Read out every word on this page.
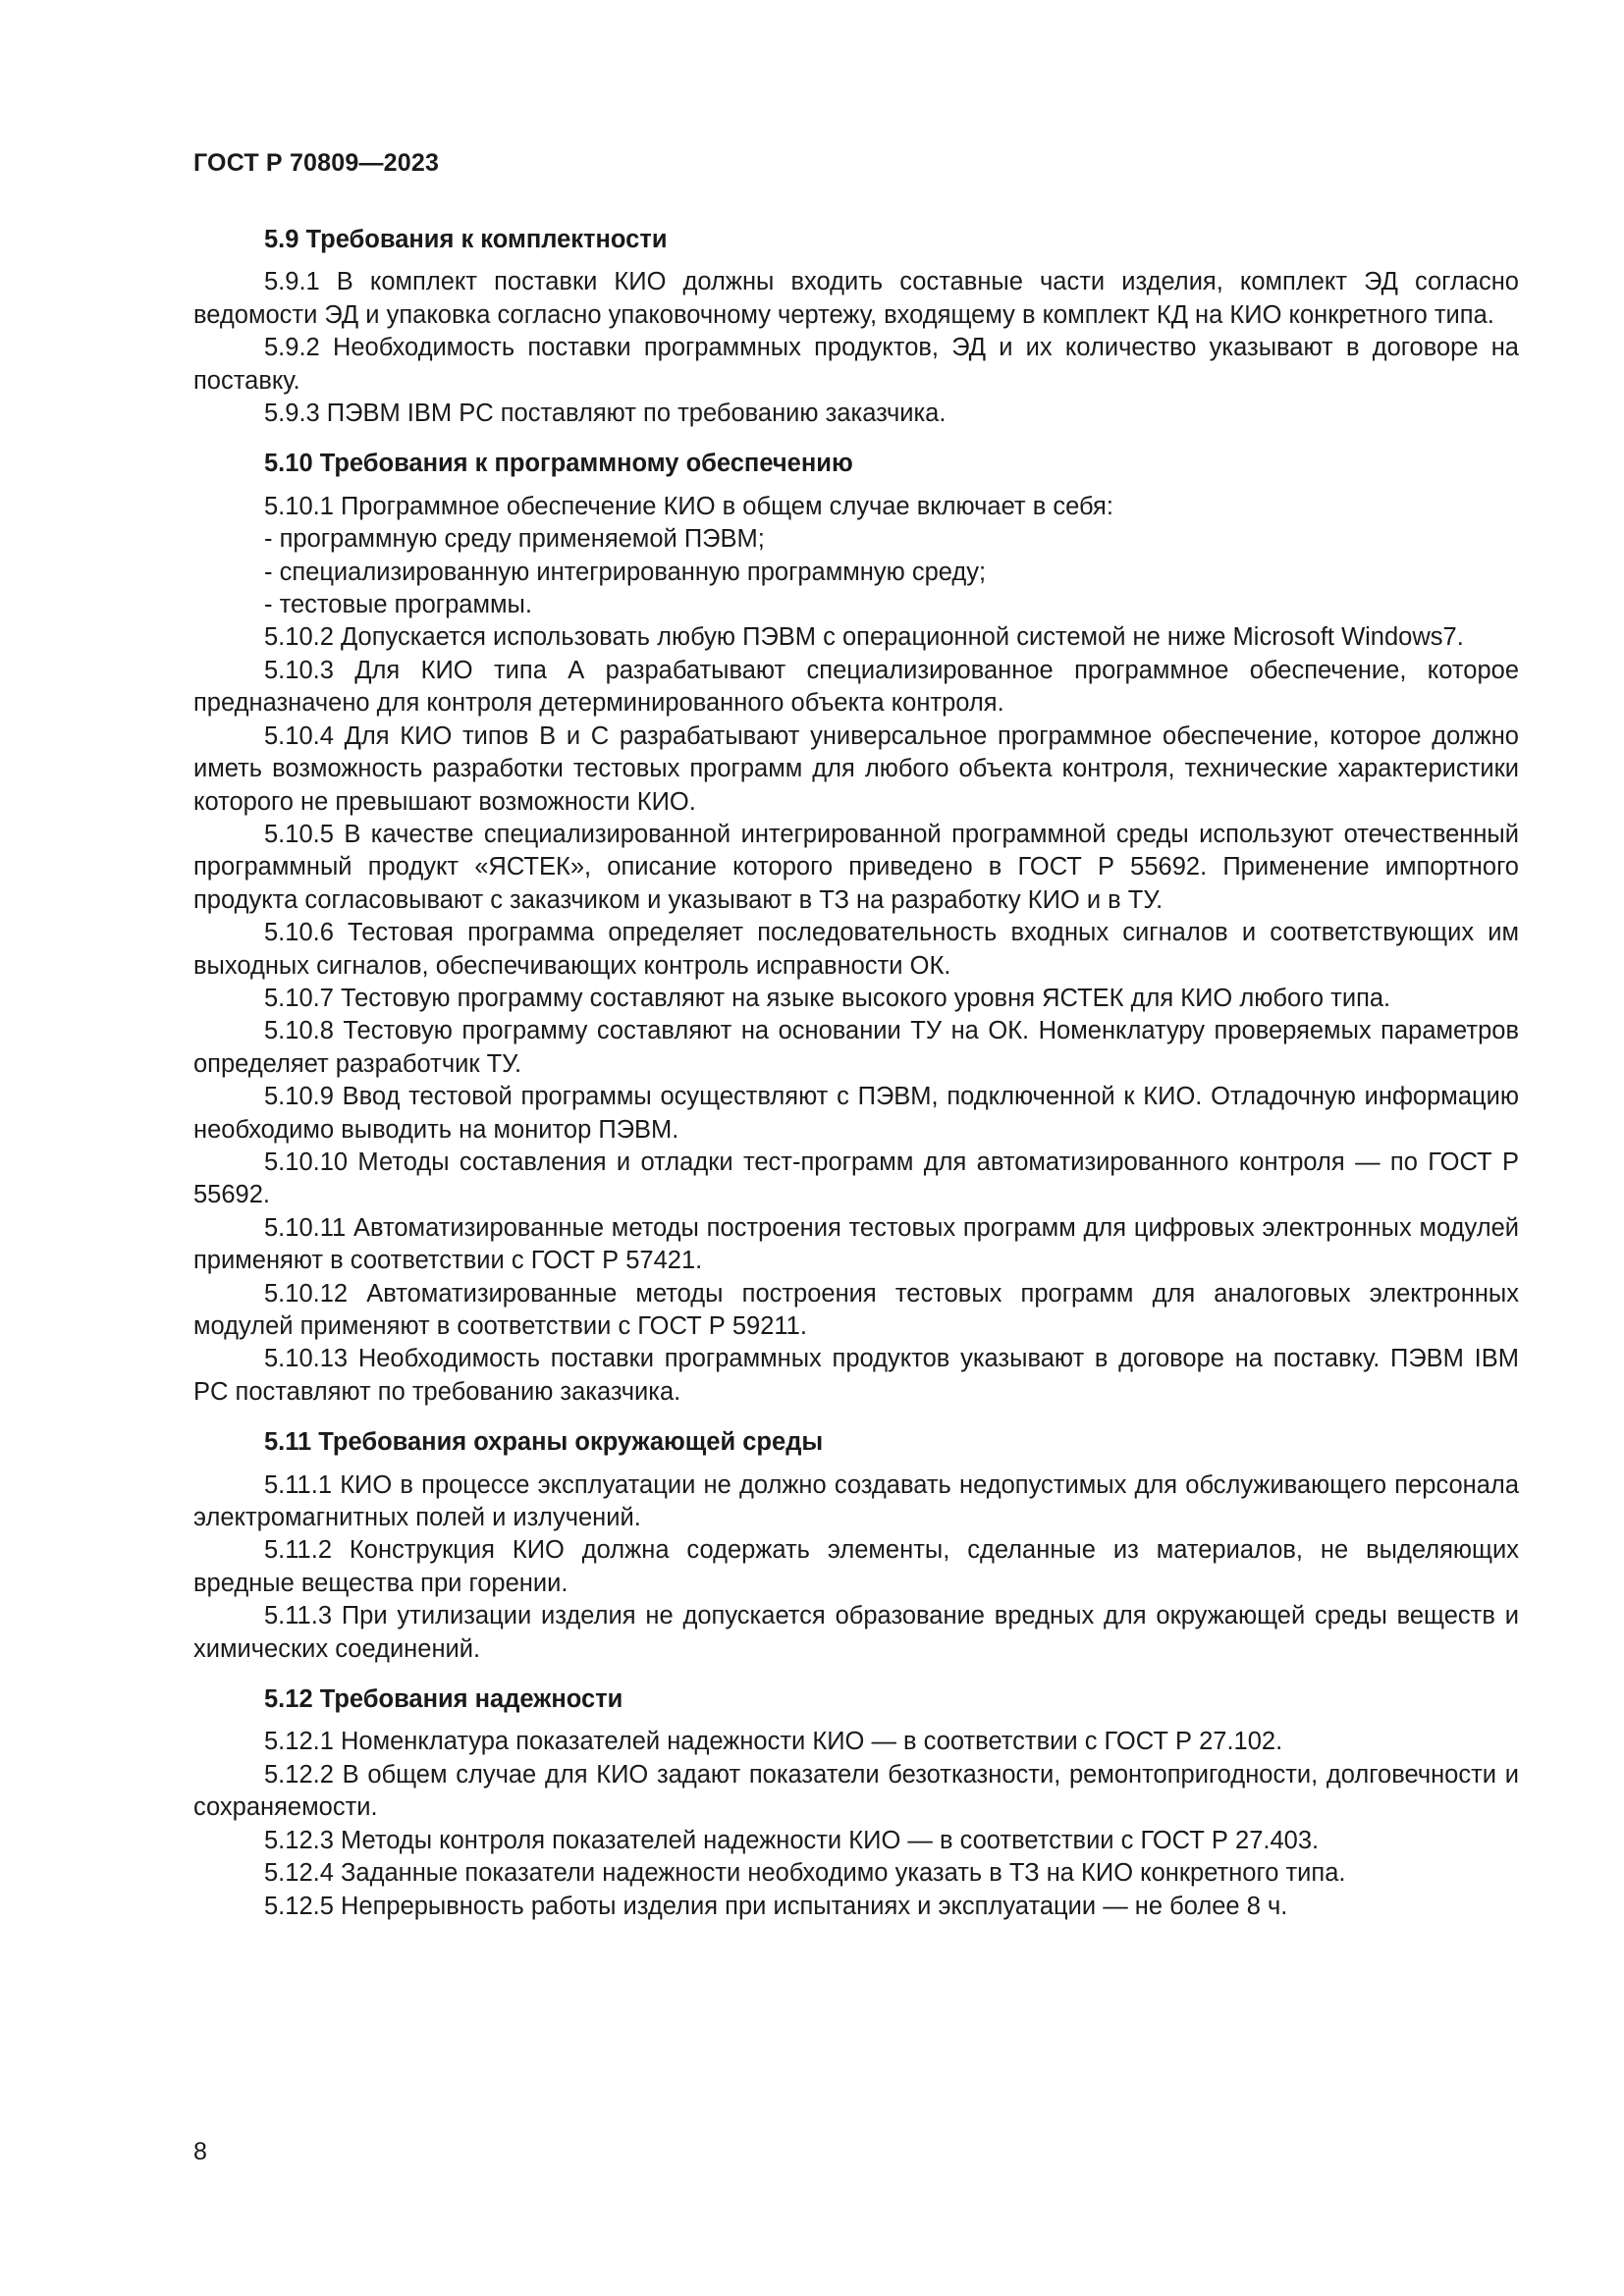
ГОСТ Р 70809—2023
5.9 Требования к комплектности

5.9.1 В комплект поставки КИО должны входить составные части изделия, комплект ЭД согласно ведомости ЭД и упаковка согласно упаковочному чертежу, входящему в комплект КД на КИО конкретного типа.

5.9.2 Необходимость поставки программных продуктов, ЭД и их количество указывают в договоре на поставку.

5.9.3 ПЭВМ IBM PC поставляют по требованию заказчика.

5.10 Требования к программному обеспечению

5.10.1 Программное обеспечение КИО в общем случае включает в себя:

- программную среду применяемой ПЭВМ;

- специализированную интегрированную программную среду;

- тестовые программы.

5.10.2 Допускается использовать любую ПЭВМ с операционной системой не ниже Microsoft Windows7.

5.10.3 Для КИО типа А разрабатывают специализированное программное обеспечение, которое предназначено для контроля детерминированного объекта контроля.

5.10.4 Для КИО типов В и С разрабатывают универсальное программное обеспечение, которое должно иметь возможность разработки тестовых программ для любого объекта контроля, технические характеристики которого не превышают возможности КИО.

5.10.5 В качестве специализированной интегрированной программной среды используют отечественный программный продукт «ЯСТЕК», описание которого приведено в ГОСТ Р 55692. Применение импортного продукта согласовывают с заказчиком и указывают в ТЗ на разработку КИО и в ТУ.

5.10.6 Тестовая программа определяет последовательность входных сигналов и соответствующих им выходных сигналов, обеспечивающих контроль исправности ОК.

5.10.7 Тестовую программу составляют на языке высокого уровня ЯСТЕК для КИО любого типа.

5.10.8 Тестовую программу составляют на основании ТУ на ОК. Номенклатуру проверяемых параметров определяет разработчик ТУ.

5.10.9 Ввод тестовой программы осуществляют с ПЭВМ, подключенной к КИО. Отладочную информацию необходимо выводить на монитор ПЭВМ.

5.10.10 Методы составления и отладки тест-программ для автоматизированного контроля — по ГОСТ Р 55692.

5.10.11 Автоматизированные методы построения тестовых программ для цифровых электронных модулей применяют в соответствии с ГОСТ Р 57421.

5.10.12 Автоматизированные методы построения тестовых программ для аналоговых электронных модулей применяют в соответствии с ГОСТ Р 59211.

5.10.13 Необходимость поставки программных продуктов указывают в договоре на поставку. ПЭВМ IBM PC поставляют по требованию заказчика.

5.11 Требования охраны окружающей среды

5.11.1 КИО в процессе эксплуатации не должно создавать недопустимых для обслуживающего персонала электромагнитных полей и излучений.

5.11.2 Конструкция КИО должна содержать элементы, сделанные из материалов, не выделяющих вредные вещества при горении.

5.11.3 При утилизации изделия не допускается образование вредных для окружающей среды веществ и химических соединений.

5.12 Требования надежности

5.12.1 Номенклатура показателей надежности КИО — в соответствии с ГОСТ Р 27.102.

5.12.2 В общем случае для КИО задают показатели безотказности, ремонтопригодности, долговечности и сохраняемости.

5.12.3 Методы контроля показателей надежности КИО — в соответствии с ГОСТ Р 27.403.

5.12.4 Заданные показатели надежности необходимо указать в ТЗ на КИО конкретного типа.

5.12.5 Непрерывность работы изделия при испытаниях и эксплуатации — не более 8 ч.

8
